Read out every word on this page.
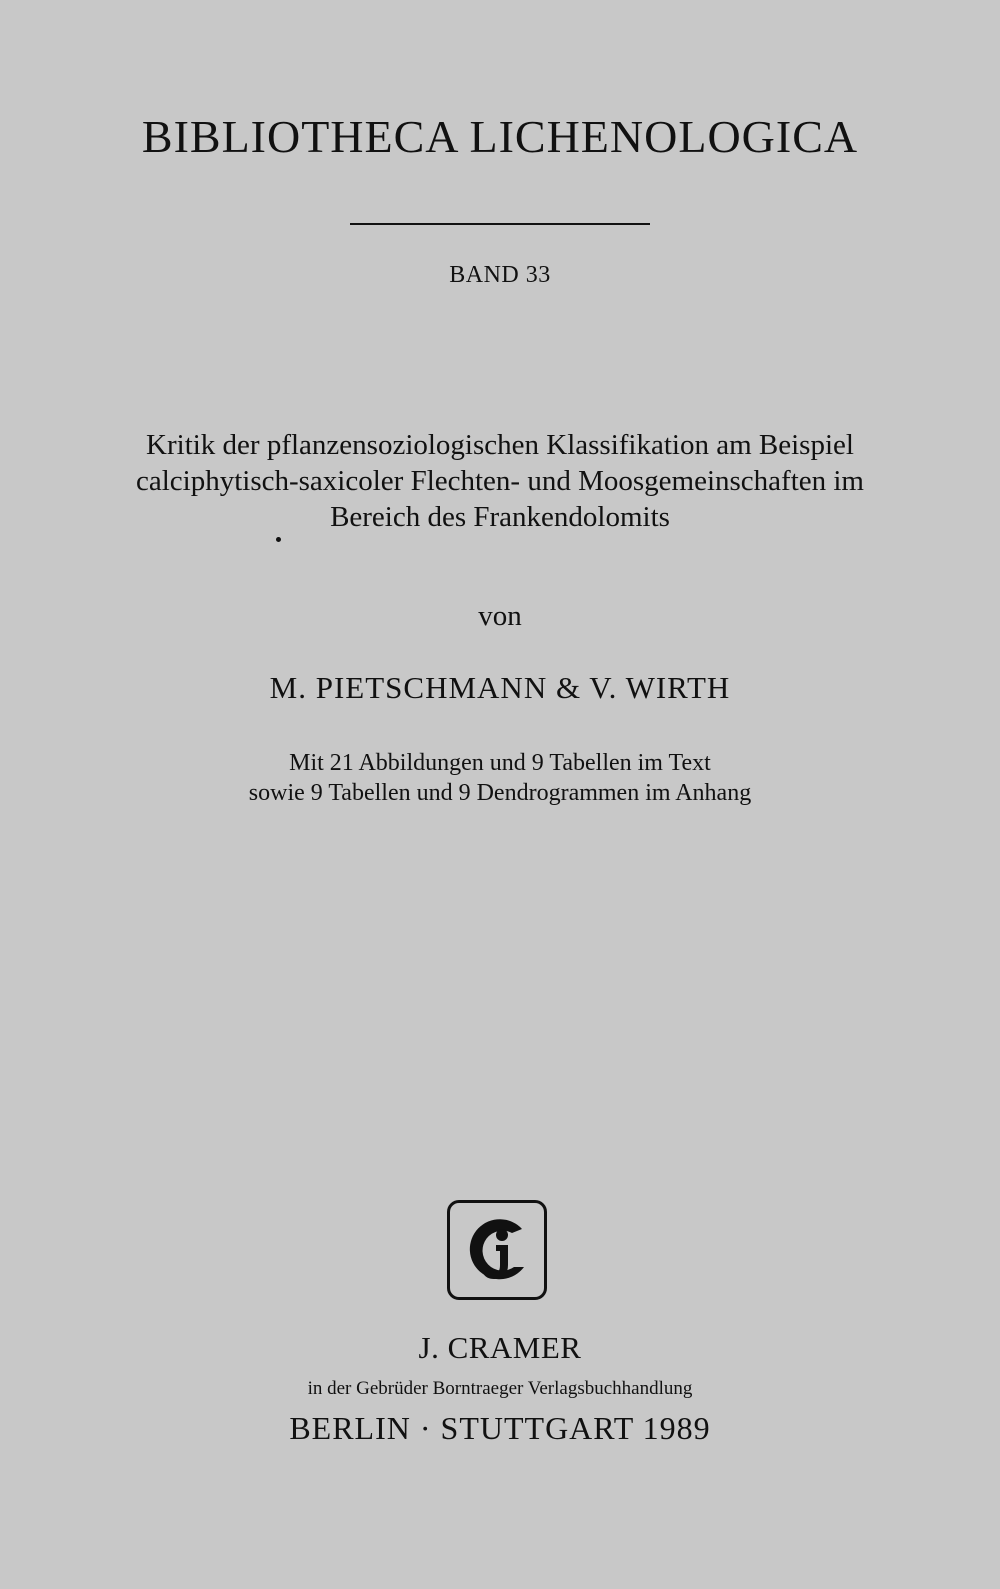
BIBLIOTHECA LICHENOLOGICA
BAND 33
Kritik der pflanzensoziologischen Klassifikation am Beispiel
calciphytisch-saxicoler Flechten- und Moosgemeinschaften im
Bereich des Frankendolomits
von
M. PIETSCHMANN & V. WIRTH
Mit 21 Abbildungen und 9 Tabellen im Text
sowie 9 Tabellen und 9 Dendrogrammen im Anhang
J. CRAMER
in der Gebrüder Borntraeger Verlagsbuchhandlung
BERLIN · STUTTGART 1989
